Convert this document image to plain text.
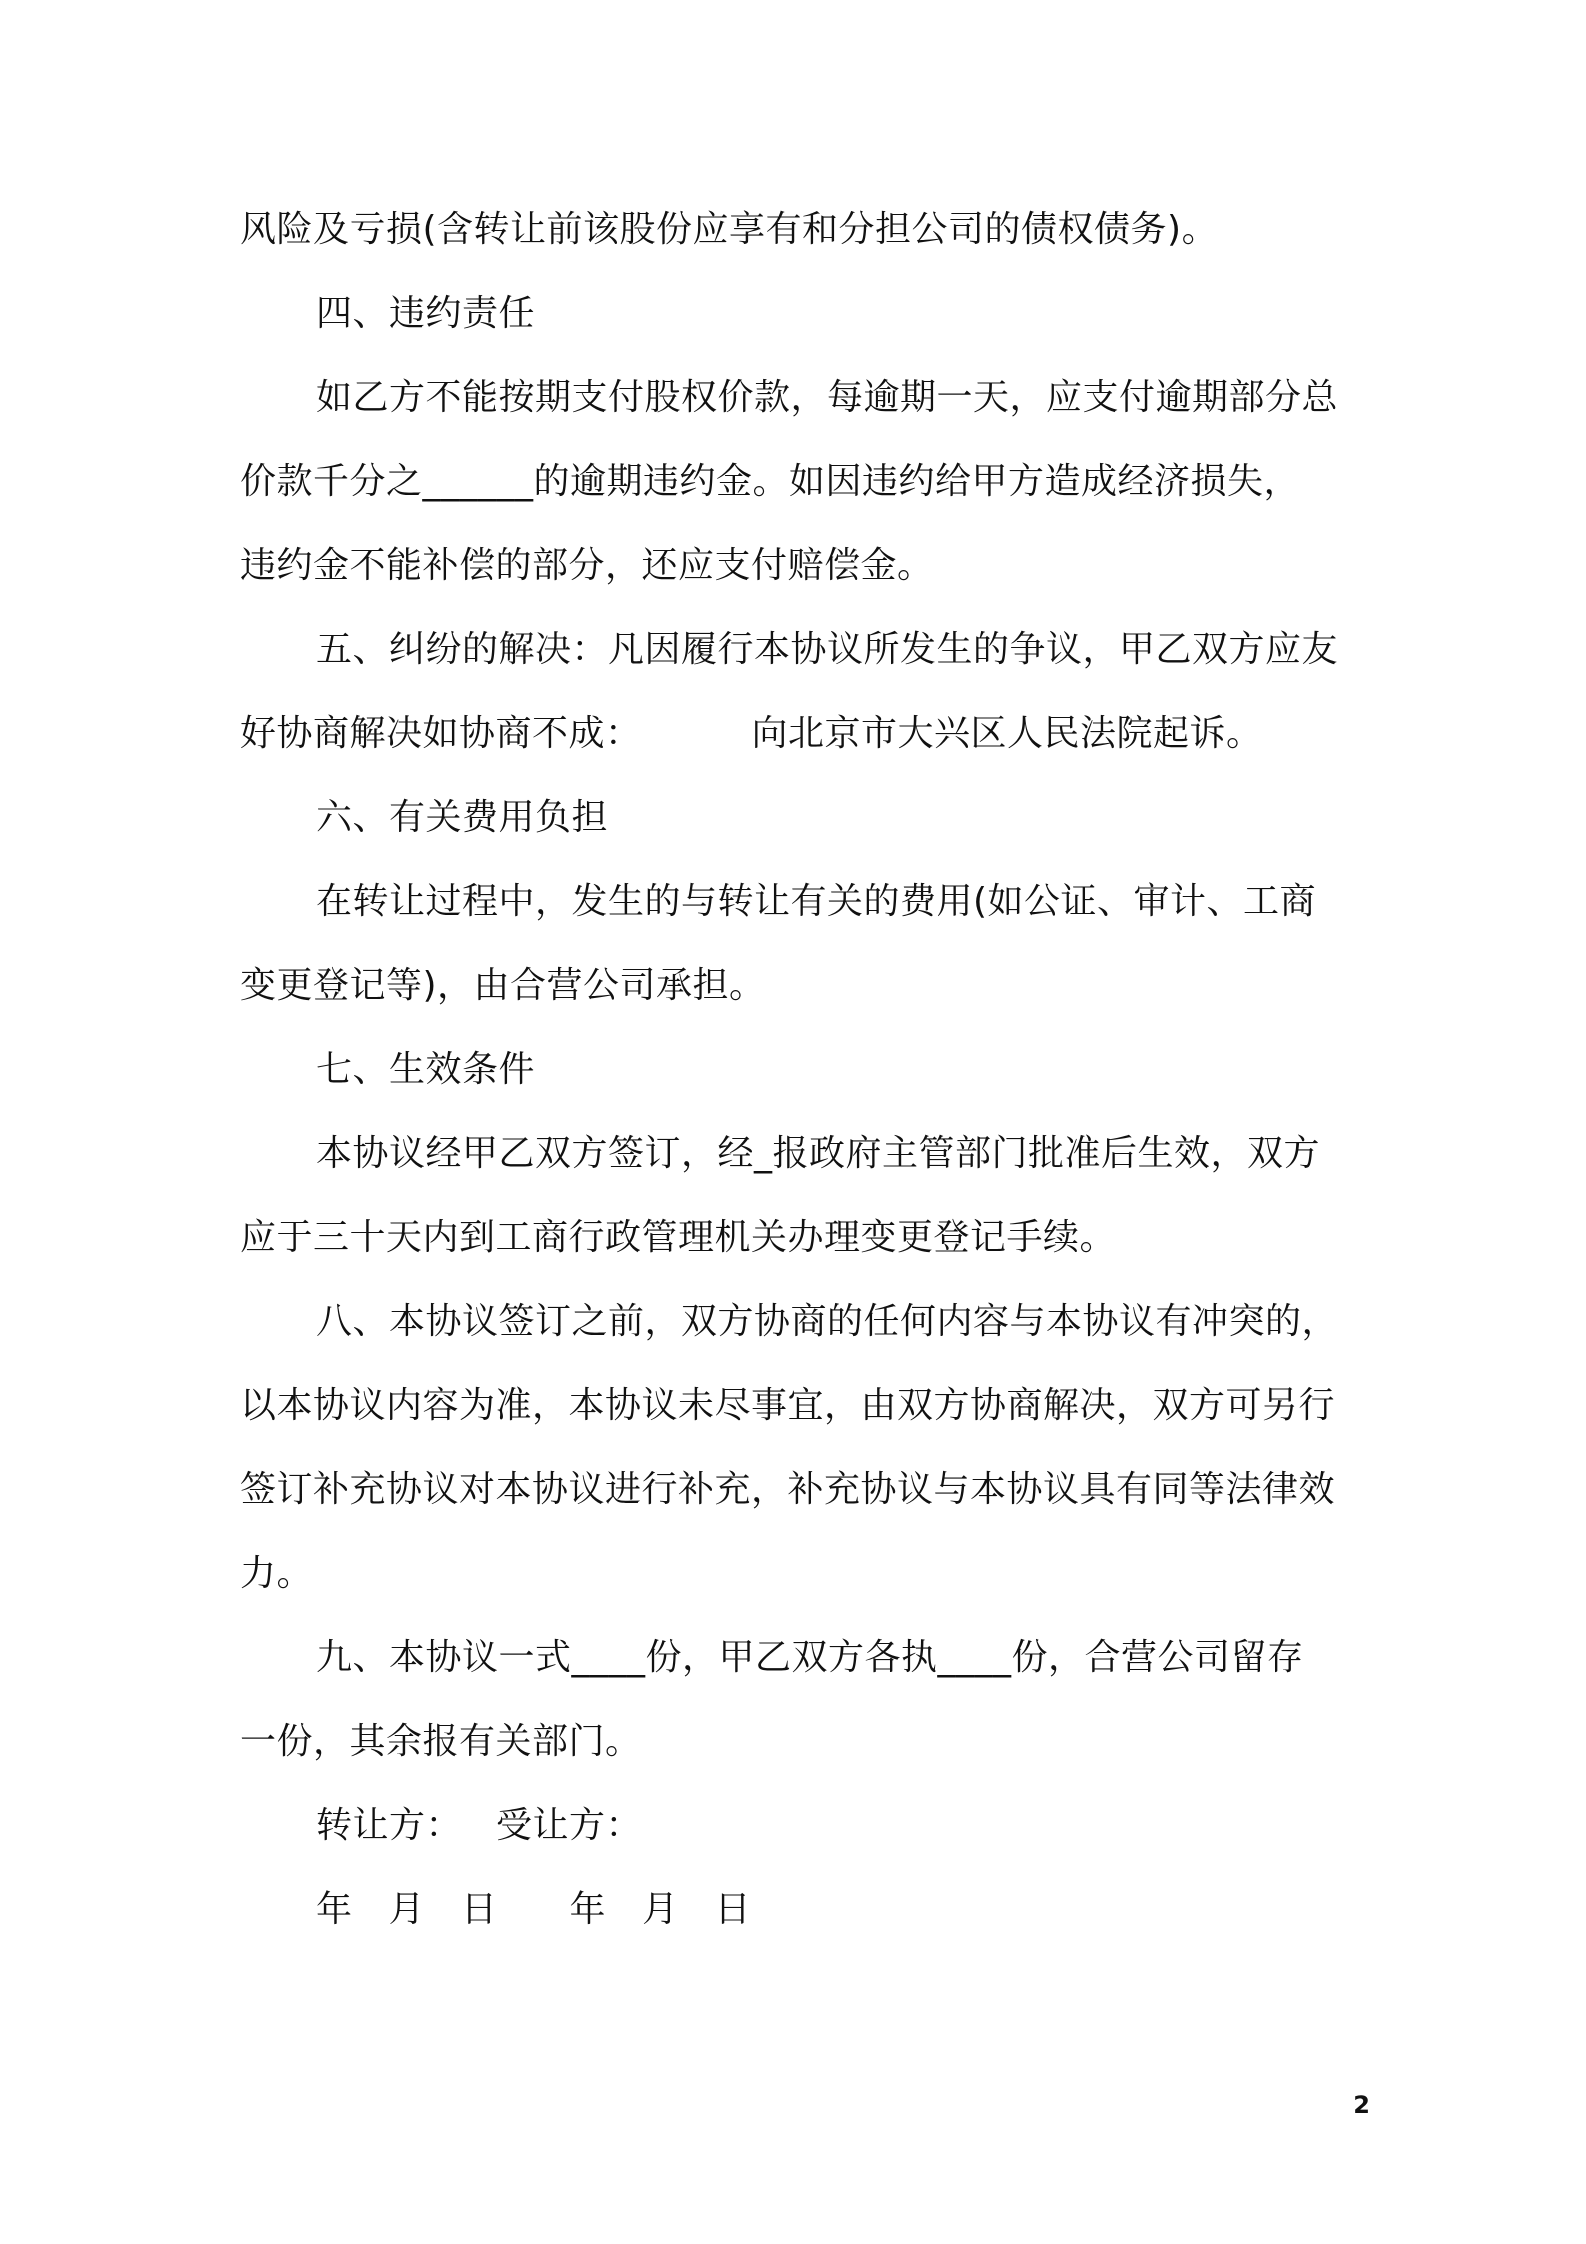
风险及亏损(含转让前该股份应享有和分担公司的债权债务)。
四、违约责任
如乙方不能按期支付股权价款，每逾期一天，应支付逾期部分总
价款千分之______的逾期违约金。如因违约给甲方造成经济损失，
违约金不能补偿的部分，还应支付赔偿金。
五、纠纷的解决：凡因履行本协议所发生的争议，甲乙双方应友
好协商解决如协商不成：	向北京市大兴区人民法院起诉。
六、有关费用负担
在转让过程中，发生的与转让有关的费用(如公证、审计、工商
变更登记等)，由合营公司承担。
七、生效条件
本协议经甲乙双方签订，经_报政府主管部门批准后生效，双方
应于三十天内到工商行政管理机关办理变更登记手续。
八、本协议签订之前，双方协商的任何内容与本协议有冲突的，
以本协议内容为准，本协议未尽事宜，由双方协商解决，双方可另行
签订补充协议对本协议进行补充，补充协议与本协议具有同等法律效
力。
九、本协议一式____份，甲乙双方各执____份，合营公司留存
一份，其余报有关部门。
转让方： 受让方：
年 月 日 年 月 日
2
